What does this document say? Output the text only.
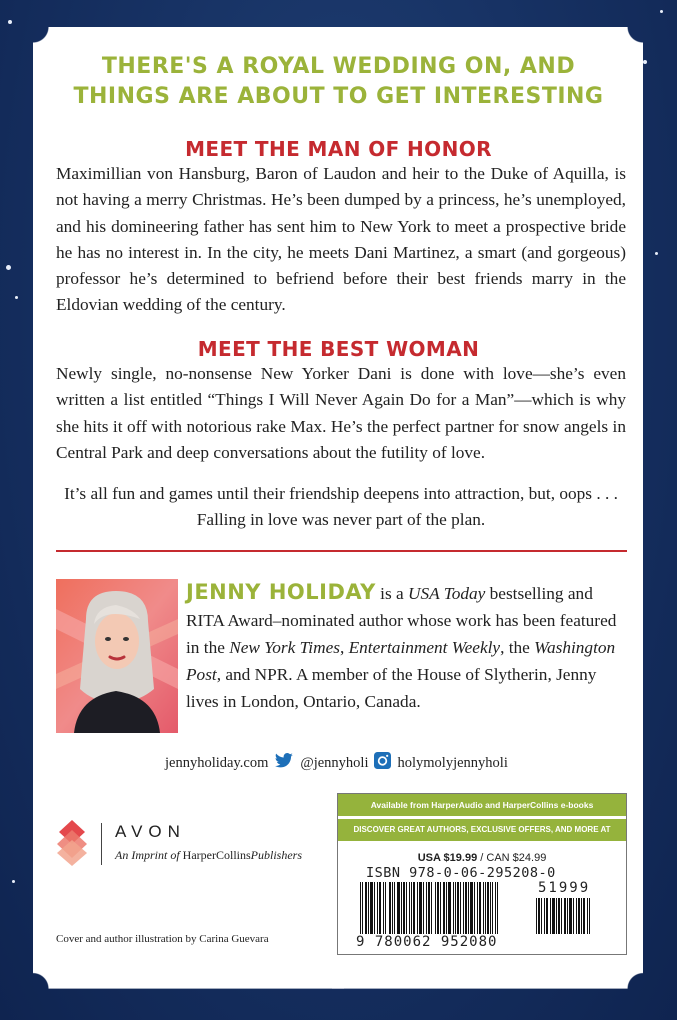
THERE'S A ROYAL WEDDING ON, AND
THINGS ARE ABOUT TO GET INTERESTING
MEET THE MAN OF HONOR
Maximillian von Hansburg, Baron of Laudon and heir to the Duke of Aquilla, is not having a merry Christmas. He’s been dumped by a princess, he’s unemployed, and his domineering father has sent him to New York to meet a prospective bride he has no interest in. In the city, he meets Dani Martinez, a smart (and gorgeous) professor he’s determined to befriend before their best friends marry in the Eldovian wedding of the century.
MEET THE BEST WOMAN
Newly single, no-nonsense New Yorker Dani is done with love—she’s even written a list entitled “Things I Will Never Again Do for a Man”—which is why she hits it off with notorious rake Max. He’s the perfect partner for snow angels in Central Park and deep conversations about the futility of love.
It’s all fun and games until their friendship deepens into attraction, but, oops . . .
Falling in love was never part of the plan.
JENNY HOLIDAY is a USA Today bestselling and RITA Award–nominated author whose work has been featured in the New York Times, Entertainment Weekly, the Washington Post, and NPR. A member of the House of Slytherin, Jenny lives in London, Ontario, Canada.
jennyholiday.com @jennyholi holymolyjennyholi
AVON
An Imprint of HarperCollinsPublishers
Cover and author illustration by Carina Guevara
Available from HarperAudio and HarperCollins e-books
DISCOVER GREAT AUTHORS, EXCLUSIVE OFFERS, AND MORE AT HC.COM.
USA $19.99 / CAN $24.99
ISBN 978-0-06-295208-0
51999
9 780062 952080
